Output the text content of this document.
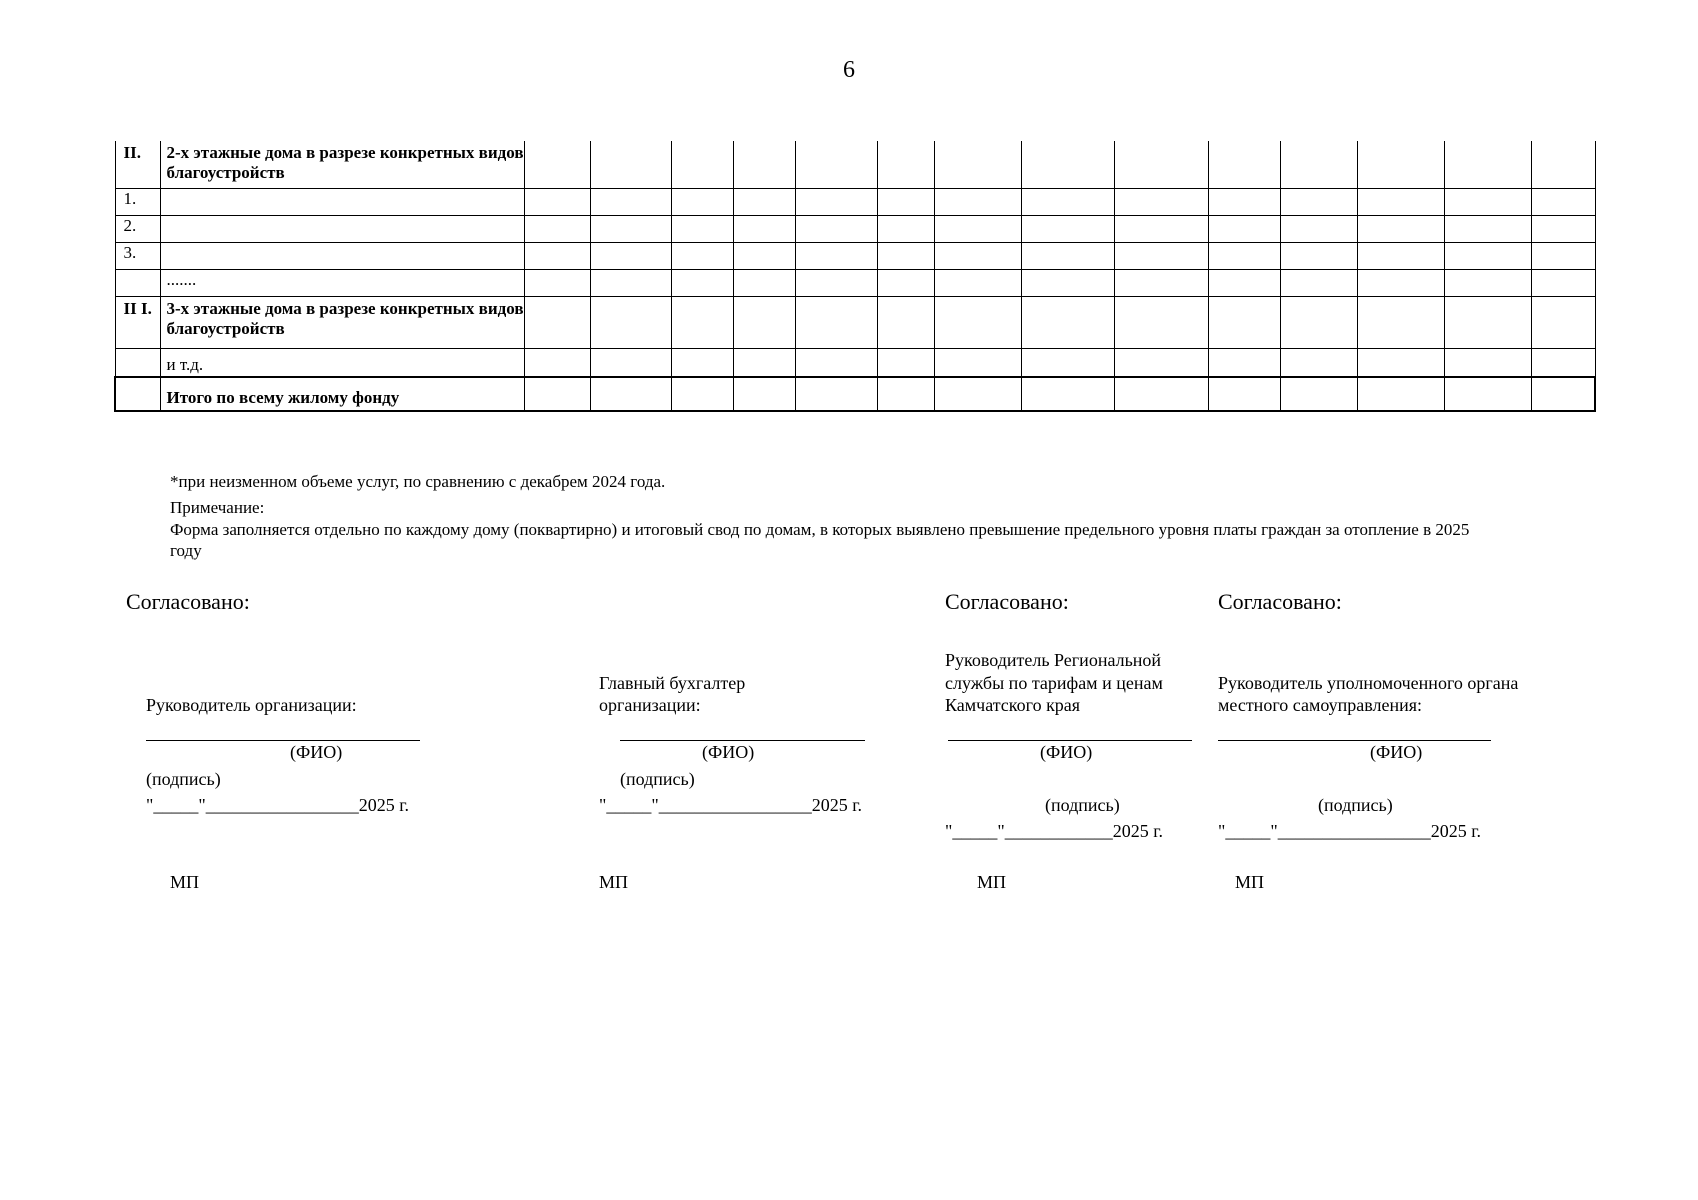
6
II.	2-х этажные дома в разрезе конкретных видов благоустройств														
1.															
2.															
3.															
	.......														
II I.	3-х этажные дома в разрезе конкретных видов благоустройств														
	и т.д.														
	Итого по всему жилому фонду														
*при неизменном объеме услуг, по сравнению с декабрем 2024 года.
Примечание:
Форма заполняется отдельно по каждому дому (поквартирно) и итоговый свод по домам, в которых выявлено превышение предельного уровня платы граждан за отопление в 2025
году
Согласовано:	Согласовано:	Согласовано:
Руководитель организации:
(ФИО)
(подпись)
"_____"_________________2025 г.
МП
Главный бухгалтер
организации:
(ФИО)
(подпись)
"_____"_________________2025 г.
МП
Руководитель Региональной
службы по тарифам и ценам
Камчатского края
(ФИО)
(подпись)
"_____"____________2025 г.
МП
Руководитель уполномоченного органа
местного самоуправления:
(ФИО)
(подпись)
"_____"_________________2025 г.
МП
